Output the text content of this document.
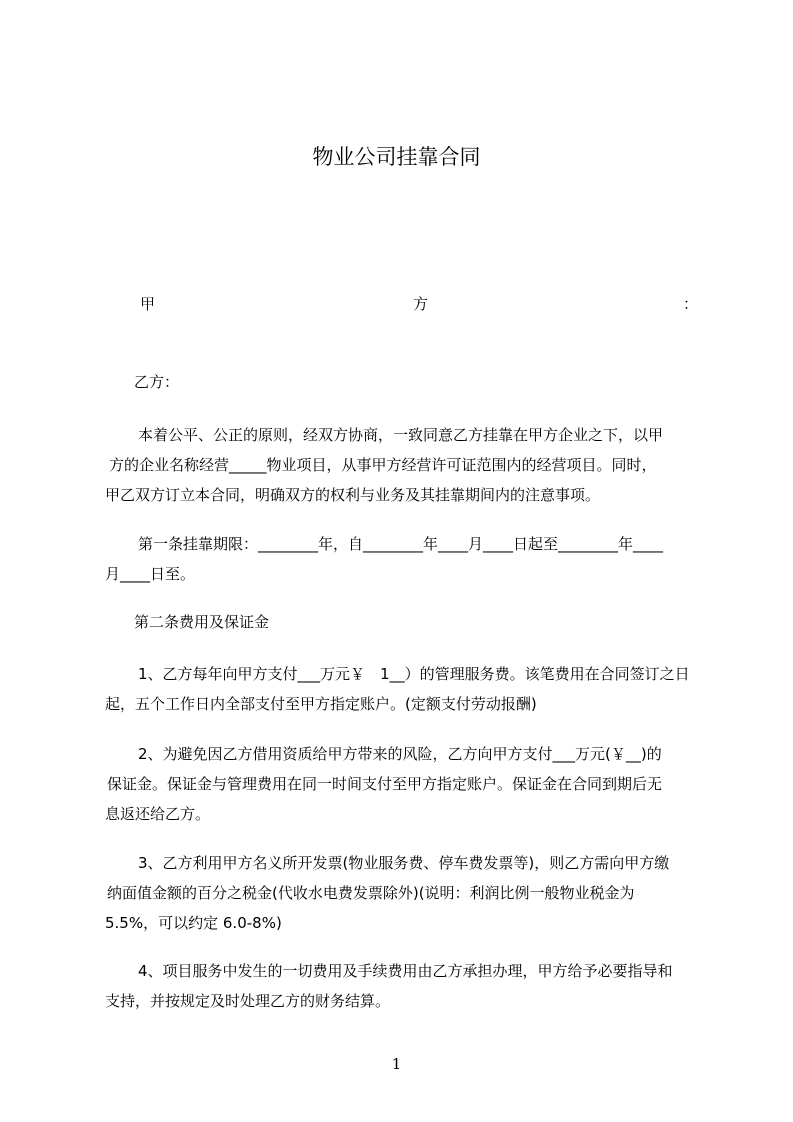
物业公司挂靠合同
甲	方	：

乙方：

本着公平、公正的原则，经双方协商，一致同意乙方挂靠在甲方企业之下，以甲

方的企业名称经营_____物业项目，从事甲方经营许可证范围内的经营项目。同时，

甲乙双方订立本合同，明确双方的权利与业务及其挂靠期间内的注意事项。

第一条挂靠期限：________年，自________年____月____日起至________年____

月____日至。

第二条费用及保证金

1、乙方每年向甲方支付___万元￥　1__）的管理服务费。该笔费用在合同签订之日

起，五个工作日内全部支付至甲方指定账户。(定额支付劳动报酬)

2、为避免因乙方借用资质给甲方带来的风险，乙方向甲方支付___万元(￥__)的

保证金。保证金与管理费用在同一时间支付至甲方指定账户。保证金在合同到期后无

息返还给乙方。

3、乙方利用甲方名义所开发票(物业服务费、停车费发票等)，则乙方需向甲方缴

纳面值金额的百分之税金(代收水电费发票除外)(说明：利润比例一般物业税金为

5.5%，可以约定 6.0-8%)

4、项目服务中发生的一切费用及手续费用由乙方承担办理，甲方给予必要指导和

支持，并按规定及时处理乙方的财务结算。

1
